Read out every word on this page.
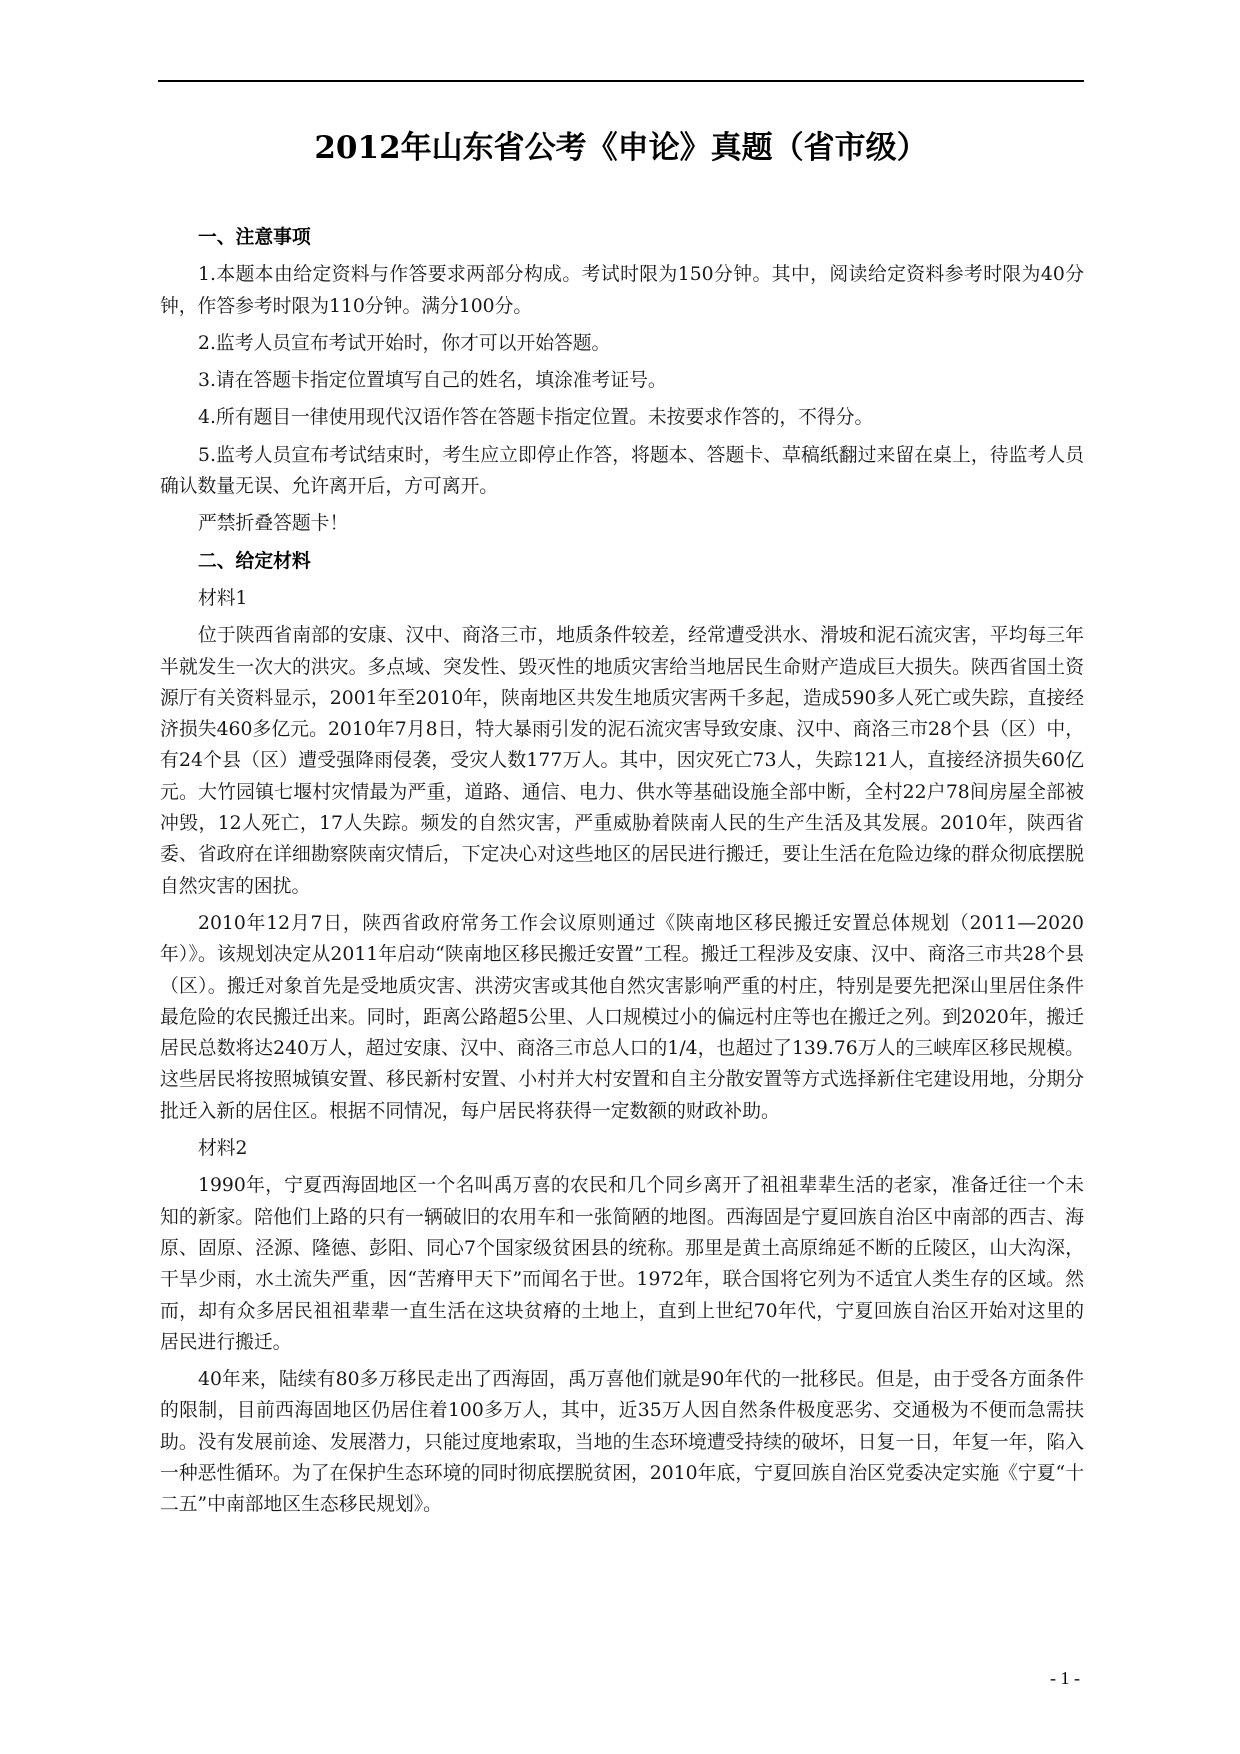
2012年山东省公考《申论》真题（省市级）
一、注意事项

1.本题本由给定资料与作答要求两部分构成。考试时限为150分钟。其中，阅读给定资料参考时限为40分钟，作答参考时限为110分钟。满分100分。

2.监考人员宣布考试开始时，你才可以开始答题。

3.请在答题卡指定位置填写自己的姓名，填涂准考证号。

4.所有题目一律使用现代汉语作答在答题卡指定位置。未按要求作答的，不得分。

5.监考人员宣布考试结束时，考生应立即停止作答，将题本、答题卡、草稿纸翻过来留在桌上，待监考人员确认数量无误、允许离开后，方可离开。

严禁折叠答题卡！

二、给定材料

材料1

位于陕西省南部的安康、汉中、商洛三市，地质条件较差，经常遭受洪水、滑坡和泥石流灾害，平均每三年半就发生一次大的洪灾。多点域、突发性、毁灭性的地质灾害给当地居民生命财产造成巨大损失。陕西省国土资源厅有关资料显示，2001年至2010年，陕南地区共发生地质灾害两千多起，造成590多人死亡或失踪，直接经济损失460多亿元。2010年7月8日，特大暴雨引发的泥石流灾害导致安康、汉中、商洛三市28个县（区）中，有24个县（区）遭受强降雨侵袭，受灾人数177万人。其中，因灾死亡73人，失踪121人，直接经济损失60亿元。大竹园镇七堰村灾情最为严重，道路、通信、电力、供水等基础设施全部中断，全村22户78间房屋全部被冲毁，12人死亡，17人失踪。频发的自然灾害，严重威胁着陕南人民的生产生活及其发展。2010年，陕西省委、省政府在详细勘察陕南灾情后，下定决心对这些地区的居民进行搬迁，要让生活在危险边缘的群众彻底摆脱自然灾害的困扰。

2010年12月7日，陕西省政府常务工作会议原则通过《陕南地区移民搬迁安置总体规划（2011—2020年）》。该规划决定从2011年启动“陕南地区移民搬迁安置”工程。搬迁工程涉及安康、汉中、商洛三市共28个县（区）。搬迁对象首先是受地质灾害、洪涝灾害或其他自然灾害影响严重的村庄，特别是要先把深山里居住条件最危险的农民搬迁出来。同时，距离公路超5公里、人口规模过小的偏远村庄等也在搬迁之列。到2020年，搬迁居民总数将达240万人，超过安康、汉中、商洛三市总人口的1/4，也超过了139.76万人的三峡库区移民规模。这些居民将按照城镇安置、移民新村安置、小村并大村安置和自主分散安置等方式选择新住宅建设用地，分期分批迁入新的居住区。根据不同情况，每户居民将获得一定数额的财政补助。

材料2

1990年，宁夏西海固地区一个名叫禹万喜的农民和几个同乡离开了祖祖辈辈生活的老家，准备迁往一个未知的新家。陪他们上路的只有一辆破旧的农用车和一张简陋的地图。西海固是宁夏回族自治区中南部的西吉、海原、固原、泾源、隆德、彭阳、同心7个国家级贫困县的统称。那里是黄土高原绵延不断的丘陵区，山大沟深，干旱少雨，水土流失严重，因“苦瘠甲天下”而闻名于世。1972年，联合国将它列为不适宜人类生存的区域。然而，却有众多居民祖祖辈辈一直生活在这块贫瘠的土地上，直到上世纪70年代，宁夏回族自治区开始对这里的居民进行搬迁。

40年来，陆续有80多万移民走出了西海固，禹万喜他们就是90年代的一批移民。但是，由于受各方面条件的限制，目前西海固地区仍居住着100多万人，其中，近35万人因自然条件极度恶劣、交通极为不便而急需扶助。没有发展前途、发展潜力，只能过度地索取，当地的生态环境遭受持续的破坏，日复一日，年复一年，陷入一种恶性循环。为了在保护生态环境的同时彻底摆脱贫困，2010年底，宁夏回族自治区党委决定实施《宁夏“十二五”中南部地区生态移民规划》。

- 1 -
